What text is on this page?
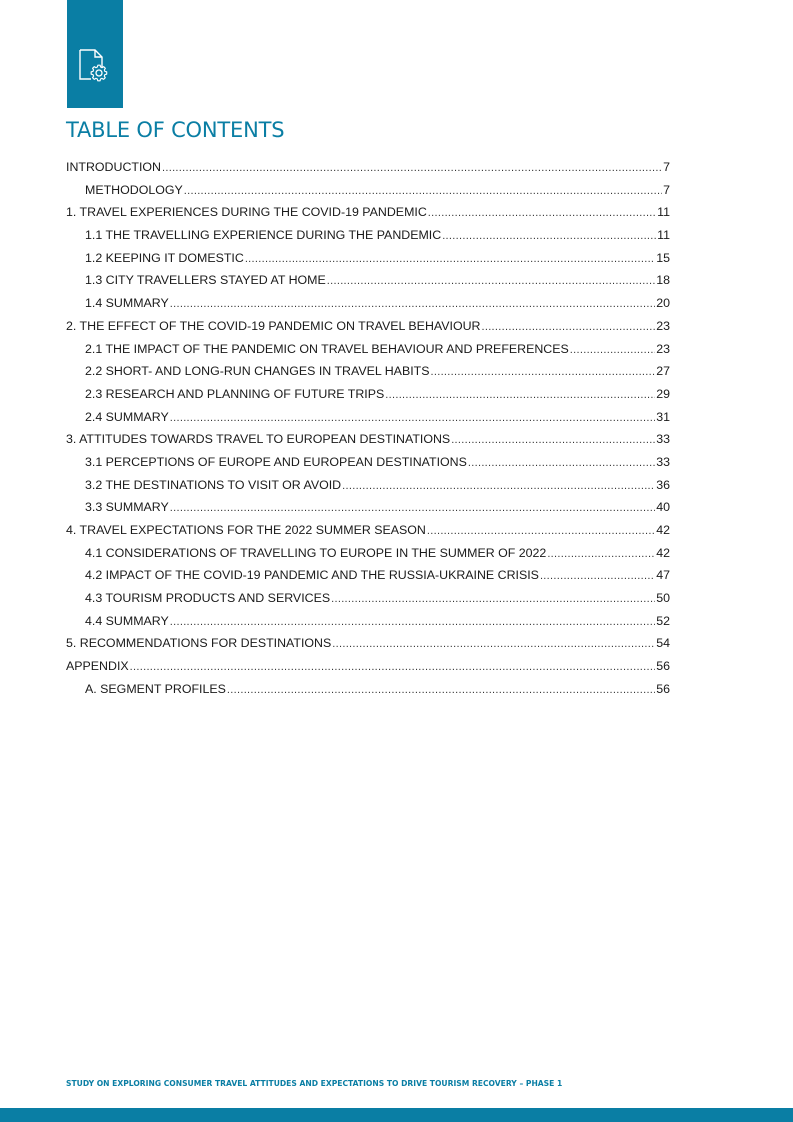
TABLE OF CONTENTS
INTRODUCTION .....	7
METHODOLOGY .....	7
1. TRAVEL EXPERIENCES DURING THE COVID-19 PANDEMIC .....	11
1.1 THE TRAVELLING EXPERIENCE DURING THE PANDEMIC .....	11
1.2 KEEPING IT DOMESTIC .....	15
1.3 CITY TRAVELLERS STAYED AT HOME .....	18
1.4 SUMMARY .....	20
2. THE EFFECT OF THE COVID-19 PANDEMIC ON TRAVEL BEHAVIOUR .....	23
2.1 THE IMPACT OF THE PANDEMIC ON TRAVEL BEHAVIOUR AND PREFERENCES .....	23
2.2 SHORT- AND LONG-RUN CHANGES IN TRAVEL HABITS .....	27
2.3 RESEARCH AND PLANNING OF FUTURE TRIPS .....	29
2.4 SUMMARY .....	31
3. ATTITUDES TOWARDS TRAVEL TO EUROPEAN DESTINATIONS .....	33
3.1 PERCEPTIONS OF EUROPE AND EUROPEAN DESTINATIONS .....	33
3.2 THE DESTINATIONS TO VISIT OR AVOID .....	36
3.3 SUMMARY .....	40
4. TRAVEL EXPECTATIONS FOR THE 2022 SUMMER SEASON .....	42
4.1 CONSIDERATIONS OF TRAVELLING TO EUROPE IN THE SUMMER OF 2022 .....	42
4.2 IMPACT OF THE COVID-19 PANDEMIC AND THE RUSSIA-UKRAINE CRISIS .....	47
4.3 TOURISM PRODUCTS AND SERVICES .....	50
4.4 SUMMARY .....	52
5. RECOMMENDATIONS FOR DESTINATIONS .....	54
APPENDIX .....	56
A. SEGMENT PROFILES .....	56
STUDY ON EXPLORING CONSUMER TRAVEL ATTITUDES AND EXPECTATIONS TO DRIVE TOURISM RECOVERY – PHASE 1
